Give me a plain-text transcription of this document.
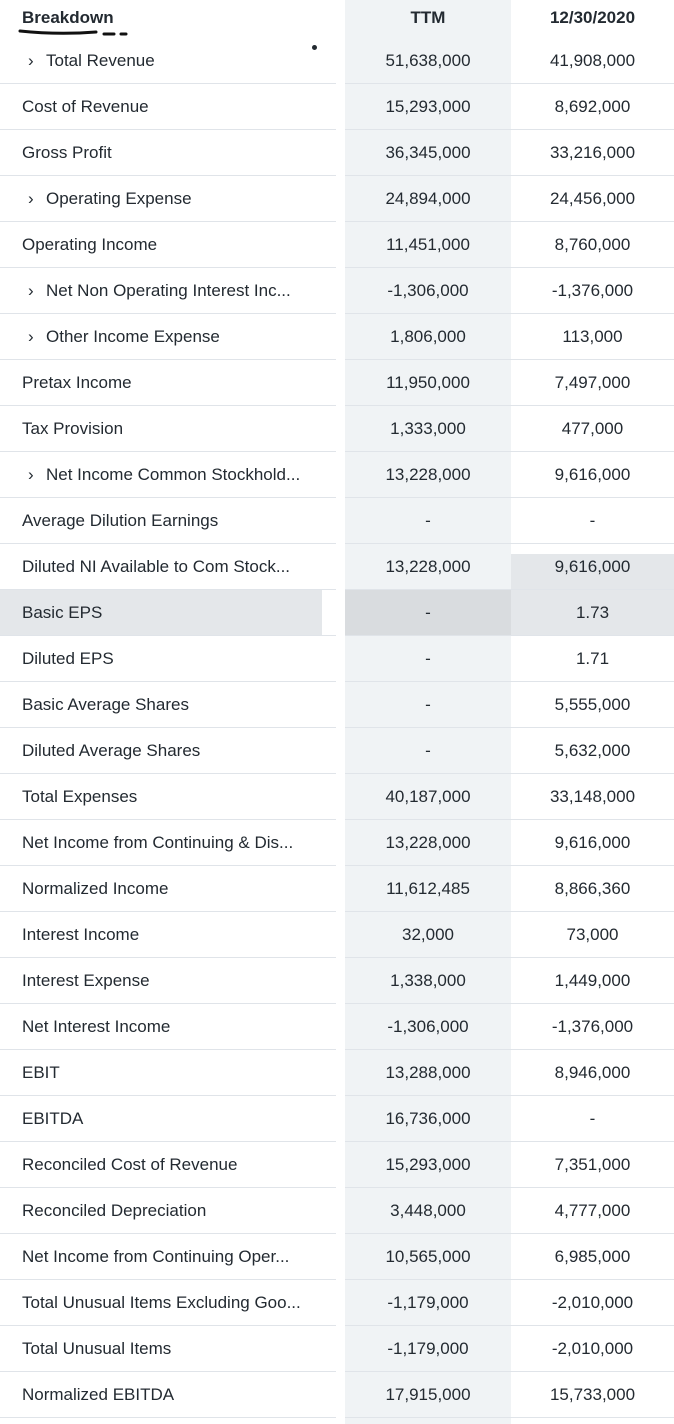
Breakdown	TTM	12/30/2020
› Total Revenue	51,638,000	41,908,000
Cost of Revenue	15,293,000	8,692,000
Gross Profit	36,345,000	33,216,000
› Operating Expense	24,894,000	24,456,000
Operating Income	11,451,000	8,760,000
› Net Non Operating Interest Inc...	-1,306,000	-1,376,000
› Other Income Expense	1,806,000	113,000
Pretax Income	11,950,000	7,497,000
Tax Provision	1,333,000	477,000
› Net Income Common Stockhold...	13,228,000	9,616,000
Average Dilution Earnings	-	-
Diluted NI Available to Com Stock...	13,228,000	9,616,000
Basic EPS	-	1.73
Diluted EPS	-	1.71
Basic Average Shares	-	5,555,000
Diluted Average Shares	-	5,632,000
Total Expenses	40,187,000	33,148,000
Net Income from Continuing & Dis...	13,228,000	9,616,000
Normalized Income	11,612,485	8,866,360
Interest Income	32,000	73,000
Interest Expense	1,338,000	1,449,000
Net Interest Income	-1,306,000	-1,376,000
EBIT	13,288,000	8,946,000
EBITDA	16,736,000	-
Reconciled Cost of Revenue	15,293,000	7,351,000
Reconciled Depreciation	3,448,000	4,777,000
Net Income from Continuing Oper...	10,565,000	6,985,000
Total Unusual Items Excluding Goo...	-1,179,000	-2,010,000
Total Unusual Items	-1,179,000	-2,010,000
Normalized EBITDA	17,915,000	15,733,000
